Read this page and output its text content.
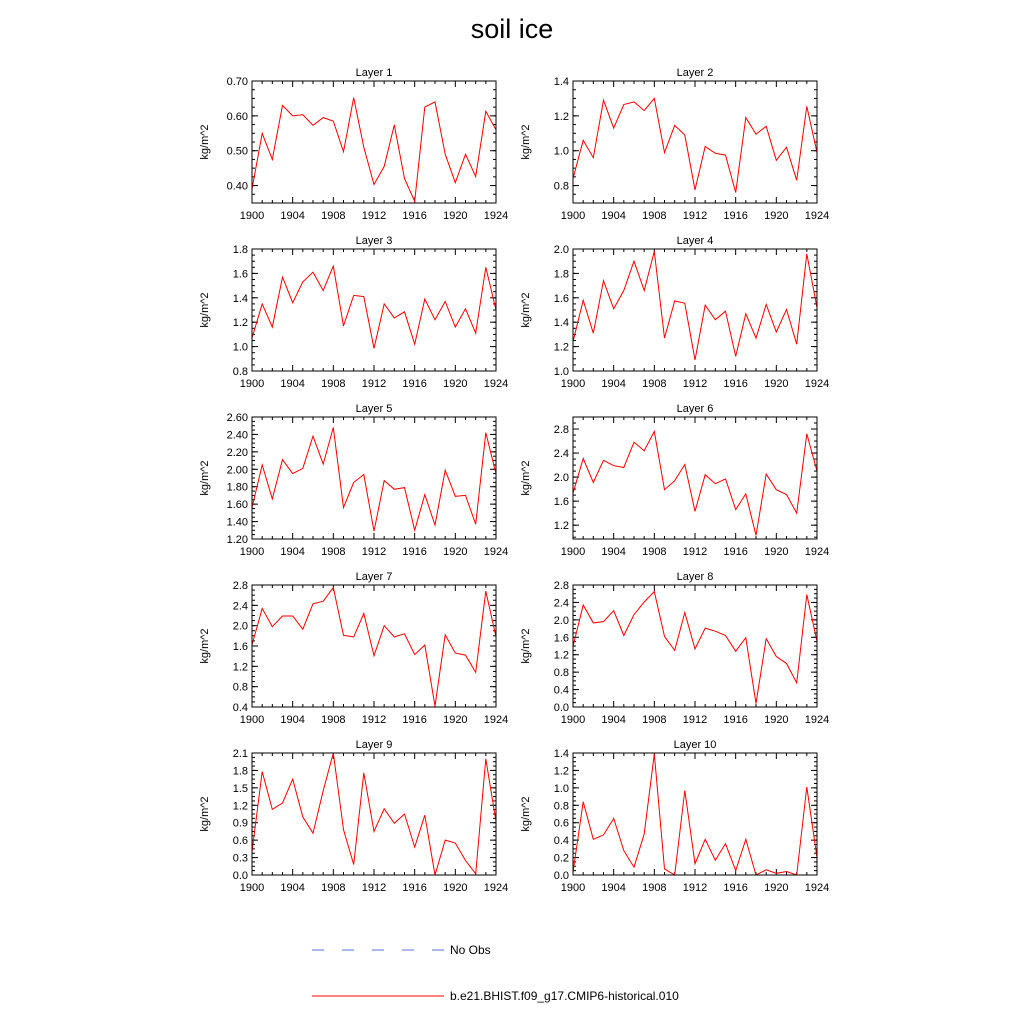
soil ice
Layer 1
kg/m^2
1900 1904 1908 1912 1916 1920 1924
0.40
0.50
0.60
0.70
Layer 2
kg/m^2
1900 1904 1908 1912 1916 1920 1924
0.8
1.0
1.2
1.4
Layer 3
kg/m^2
1900 1904 1908 1912 1916 1920 1924
0.8
1.0
1.2
1.4
1.6
1.8
Layer 4
kg/m^2
1900 1904 1908 1912 1916 1920 1924
1.0
1.2
1.4
1.6
1.8
2.0
Layer 5
kg/m^2
1900 1904 1908 1912 1916 1920 1924
1.20
1.40
1.60
1.80
2.00
2.20
2.40
2.60
Layer 6
kg/m^2
1900 1904 1908 1912 1916 1920 1924
1.2
1.6
2.0
2.4
2.8
Layer 7
kg/m^2
1900 1904 1908 1912 1916 1920 1924
0.4
0.8
1.2
1.6
2.0
2.4
2.8
Layer 8
kg/m^2
1900 1904 1908 1912 1916 1920 1924
0.0
0.4
0.8
1.2
1.6
2.0
2.4
2.8
Layer 9
kg/m^2
1900 1904 1908 1912 1916 1920 1924
0.0
0.3
0.6
0.9
1.2
1.5
1.8
2.1
Layer 10
kg/m^2
1900 1904 1908 1912 1916 1920 1924
0.0
0.2
0.4
0.6
0.8
1.0
1.2
1.4
No Obs
b.e21.BHIST.f09_g17.CMIP6-historical.010
